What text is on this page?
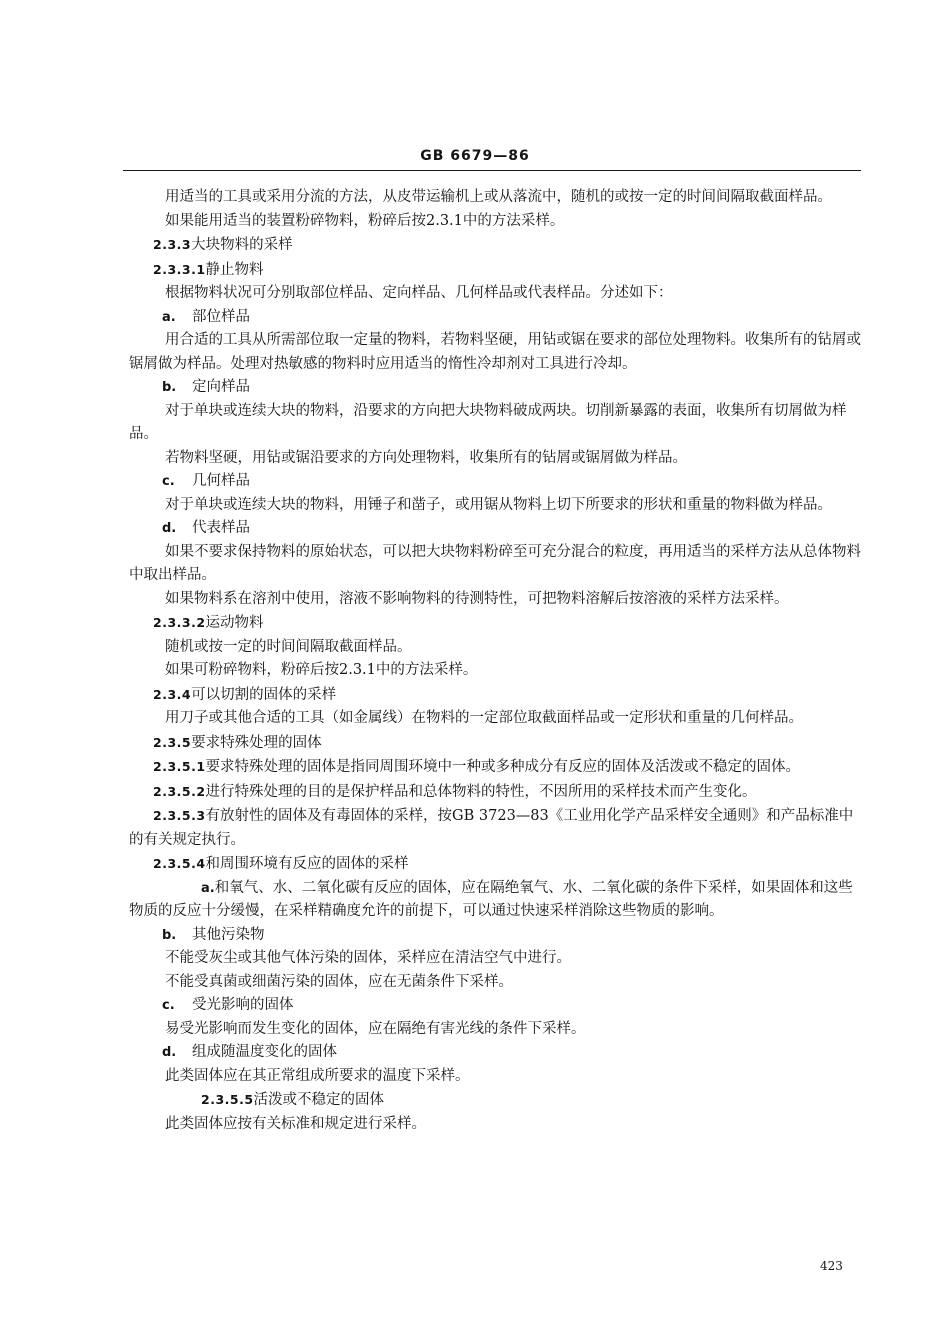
GB 6679—86

用适当的工具或采用分流的方法，从皮带运输机上或从落流中，随机的或按一定的时间间隔取截面样品。

如果能用适当的装置粉碎物料，粉碎后按2.3.1中的方法采样。

2.3.3大块物料的采样

2.3.3.1静止物料

根据物料状况可分别取部位样品、定向样品、几何样品或代表样品。分述如下：

a. 部位样品

用合适的工具从所需部位取一定量的物料，若物料坚硬，用钻或锯在要求的部位处理物料。收集所有的钻屑或锯屑做为样品。处理对热敏感的物料时应用适当的惰性冷却剂对工具进行冷却。

b. 定向样品

对于单块或连续大块的物料，沿要求的方向把大块物料破成两块。切削新暴露的表面，收集所有切屑做为样品。

若物料坚硬，用钻或锯沿要求的方向处理物料，收集所有的钻屑或锯屑做为样品。

c. 几何样品

对于单块或连续大块的物料，用锤子和凿子，或用锯从物料上切下所要求的形状和重量的物料做为样品。

d. 代表样品

如果不要求保持物料的原始状态，可以把大块物料粉碎至可充分混合的粒度，再用适当的采样方法从总体物料中取出样品。

如果物料系在溶剂中使用，溶液不影响物料的待测特性，可把物料溶解后按溶液的采样方法采样。

2.3.3.2运动物料

随机或按一定的时间间隔取截面样品。

如果可粉碎物料，粉碎后按2.3.1中的方法采样。

2.3.4可以切割的固体的采样

用刀子或其他合适的工具（如金属线）在物料的一定部位取截面样品或一定形状和重量的几何样品。

2.3.5要求特殊处理的固体

2.3.5.1要求特殊处理的固体是指同周围环境中一种或多种成分有反应的固体及活泼或不稳定的固体。

2.3.5.2进行特殊处理的目的是保护样品和总体物料的特性，不因所用的采样技术而产生变化。

2.3.5.3有放射性的固体及有毒固体的采样，按GB 3723—83《工业用化学产品采样安全通则》和产品标准中的有关规定执行。

2.3.5.4和周围环境有反应的固体的采样

a.和氧气、水、二氧化碳有反应的固体，应在隔绝氧气、水、二氧化碳的条件下采样，如果固体和这些物质的反应十分缓慢，在采样精确度允许的前提下，可以通过快速采样消除这些物质的影响。

b. 其他污染物

不能受灰尘或其他气体污染的固体，采样应在清洁空气中进行。

不能受真菌或细菌污染的固体，应在无菌条件下采样。

c. 受光影响的固体

易受光影响而发生变化的固体，应在隔绝有害光线的条件下采样。

d. 组成随温度变化的固体

此类固体应在其正常组成所要求的温度下采样。

2.3.5.5活泼或不稳定的固体

此类固体应按有关标准和规定进行采样。

423
